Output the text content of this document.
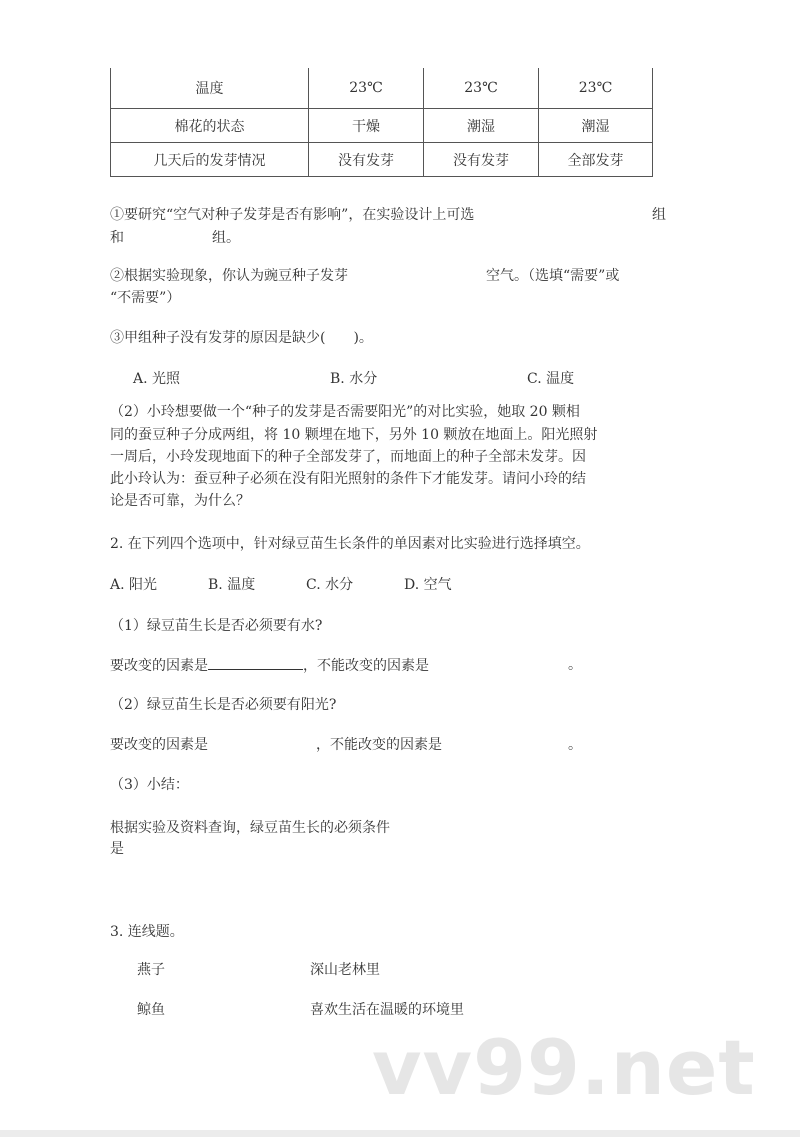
温度	23℃	23℃	23℃
棉花的状态	干燥	潮湿	潮湿
几天后的发芽情况	没有发芽	没有发芽	全部发芽
①要研究“空气对种子发芽是否有影响”，在实验设计上可选	组
和	组。
②根据实验现象，你认为豌豆种子发芽	空气。（选填“需要”或
“不需要”）
③甲组种子没有发芽的原因是缺少(　　)。
A. 光照	B. 水分	C. 温度
（2）小玲想要做一个“种子的发芽是否需要阳光”的对比实验，她取 20 颗相
同的蚕豆种子分成两组，将 10 颗埋在地下，另外 10 颗放在地面上。阳光照射
一周后，小玲发现地面下的种子全部发芽了，而地面上的种子全部未发芽。因
此小玲认为：蚕豆种子必须在没有阳光照射的条件下才能发芽。请问小玲的结
论是否可靠，为什么？
2. 在下列四个选项中，针对绿豆苗生长条件的单因素对比实验进行选择填空。
A. 阳光	B. 温度	C. 水分	D. 空气
（1）绿豆苗生长是否必须要有水?
要改变的因素是	，不能改变的因素是	。
（2）绿豆苗生长是否必须要有阳光?
要改变的因素是	，不能改变的因素是	。
（3）小结：
根据实验及资料查询，绿豆苗生长的必须条件
是
3. 连线题。
燕子	深山老林里
鲸鱼	喜欢生活在温暖的环境里
vv99.net
